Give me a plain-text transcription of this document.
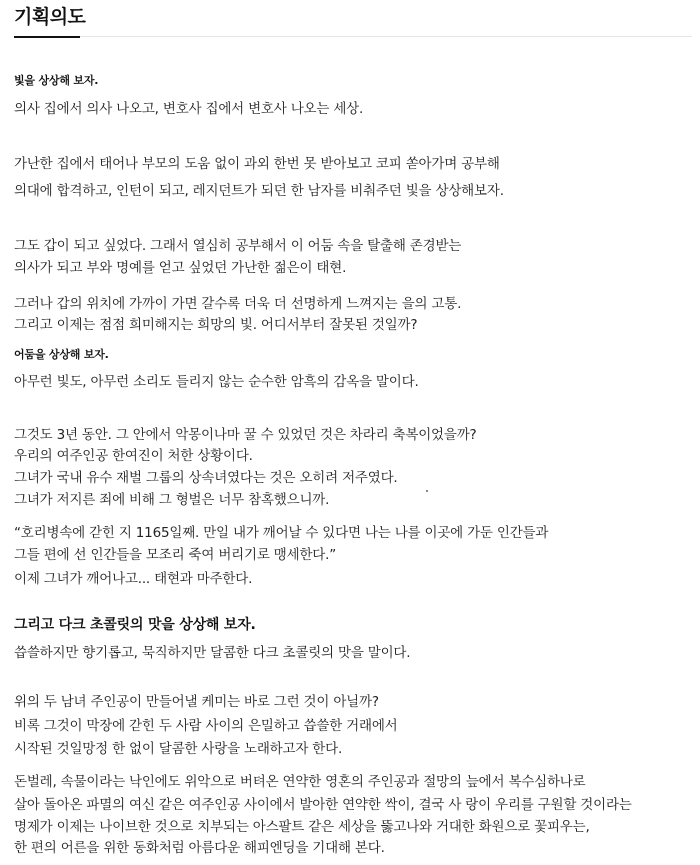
기획의도
빛을 상상해 보자.
의사 집에서 의사 나오고, 변호사 집에서 변호사 나오는 세상.
가난한 집에서 태어나 부모의 도움 없이 과외 한번 못 받아보고 코피 쏟아가며 공부해
의대에 합격하고, 인턴이 되고, 레지던트가 되던 한 남자를 비춰주던 빛을 상상해보자.
그도 갑이 되고 싶었다. 그래서 열심히 공부해서 이 어둠 속을 탈출해 존경받는
의사가 되고 부와 명예를 얻고 싶었던 가난한 젊은이 태현.
그러나 갑의 위치에 가까이 가면 갈수록 더욱 더 선명하게 느껴지는 을의 고통.
그리고 이제는 점점 희미해지는 희망의 빛. 어디서부터 잘못된 것일까?
어둠을 상상해 보자.
아무런 빛도, 아무런 소리도 들리지 않는 순수한 암흑의 감옥을 말이다.
그것도 3년 동안. 그 안에서 악몽이나마 꿀 수 있었던 것은 차라리 축복이었을까?
우리의 여주인공 한여진이 처한 상황이다.
그녀가 국내 유수 재벌 그룹의 상속녀였다는 것은 오히려 저주였다.
그녀가 저지른 죄에 비해 그 형벌은 너무 참혹했으니까.
“호리병속에 갇힌 지 1165일째. 만일 내가 깨어날 수 있다면 나는 나를 이곳에 가둔 인간들과
그들 편에 선 인간들을 모조리 죽여 버리기로 맹세한다.”
이제 그녀가 깨어나고... 태현과 마주한다.
그리고 다크 초콜릿의 맛을 상상해 보자.
씁쓸하지만 향기롭고, 묵직하지만 달콤한 다크 초콜릿의 맛을 말이다.
위의 두 남녀 주인공이 만들어낼 케미는 바로 그런 것이 아닐까?
비록 그것이 막장에 갇힌 두 사람 사이의 은밀하고 씁쓸한 거래에서
시작된 것일망정 한 없이 달콤한 사랑을 노래하고자 한다.
돈벌레, 속물이라는 낙인에도 위악으로 버텨온 연약한 영혼의 주인공과 절망의 늪에서 복수심하나로
살아 돌아온 파멸의 여신 같은 여주인공 사이에서 발아한 연약한 싹이, 결국 사 랑이 우리를 구원할 것이라는
명제가 이제는 나이브한 것으로 치부되는 아스팔트 같은 세상을 뚫고나와 거대한 화원으로 꽃피우는,
한 편의 어른을 위한 동화처럼 아름다운 해피엔딩을 기대해 본다.
